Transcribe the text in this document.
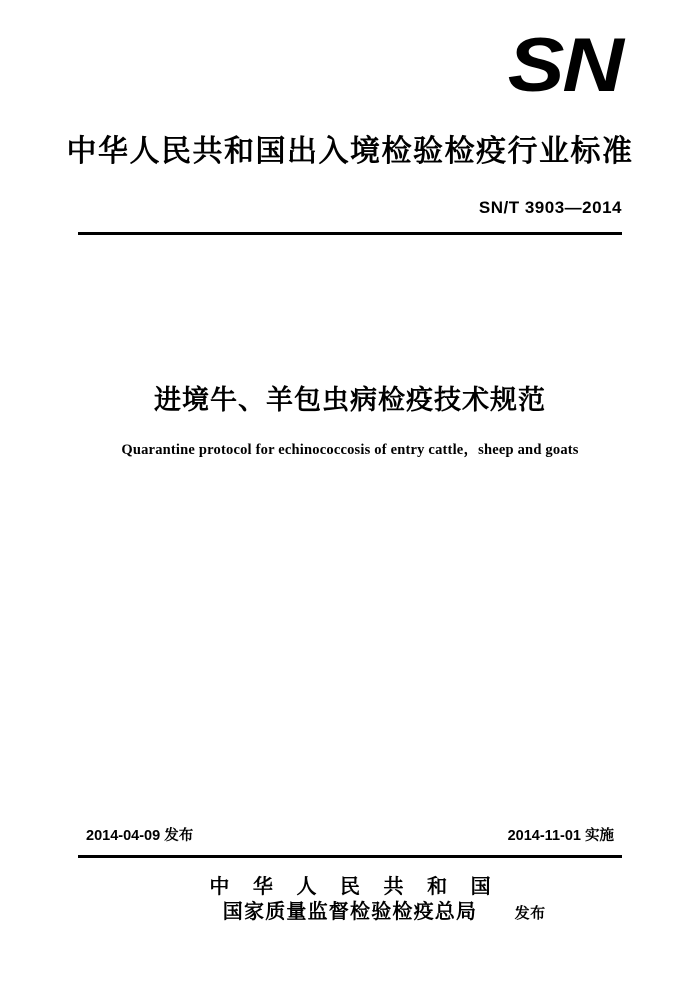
SN
中华人民共和国出入境检验检疫行业标准
SN/T 3903—2014
进境牛、羊包虫病检疫技术规范
Quarantine protocol for echinococcosis of entry cattle，sheep and goats
2014-04-09 发布	2014-11-01 实施
中 华 人 民 共 和 国
国家质量监督检验检疫总局	发布
